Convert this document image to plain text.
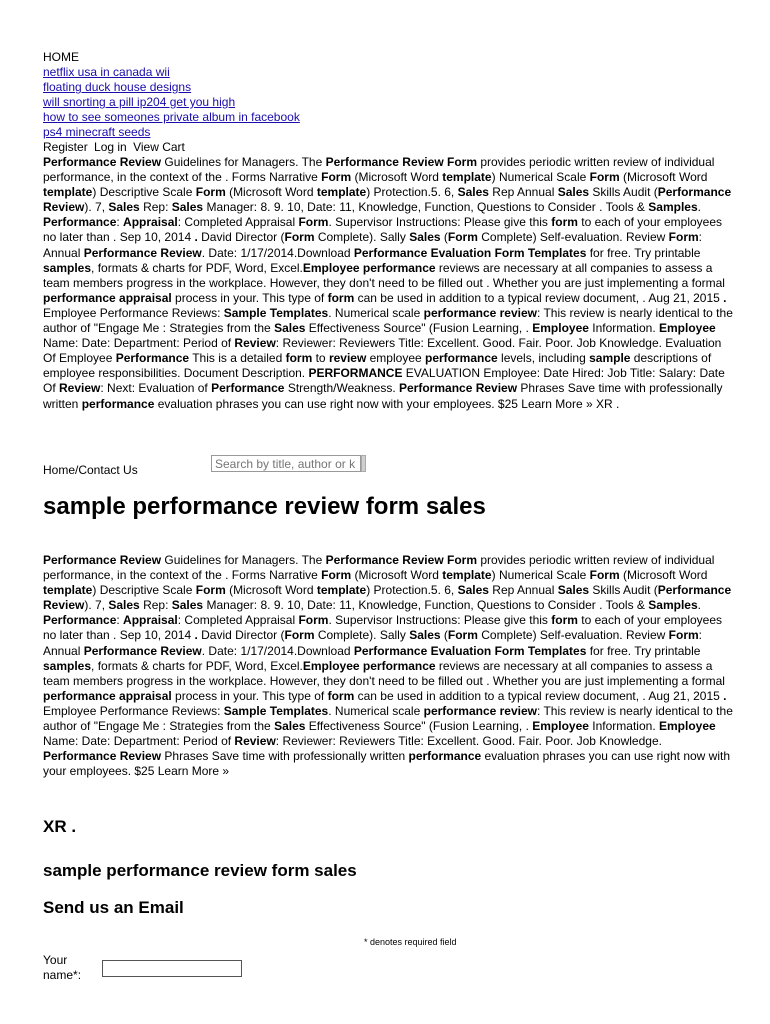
HOME
netflix usa in canada wii
floating duck house designs
will snorting a pill ip204 get you high
how to see someones private album in facebook
ps4 minecraft seeds
Register Log in View Cart

Performance Review Guidelines for Managers. The Performance Review Form provides periodic written review of individual performance, in the context of the . Forms Narrative Form (Microsoft Word template) Numerical Scale Form (Microsoft Word template) Descriptive Scale Form (Microsoft Word template) Protection.5. 6, Sales Rep Annual Sales Skills Audit (Performance Review). 7, Sales Rep: Sales Manager: 8. 9. 10, Date: 11, Knowledge, Function, Questions to Consider . Tools & Samples. Performance: Appraisal: Completed Appraisal Form. Supervisor Instructions: Please give this form to each of your employees no later than . Sep 10, 2014 . David Director (Form Complete). Sally Sales (Form Complete) Self-evaluation. Review Form: Annual Performance Review. Date: 1/17/2014.Download Performance Evaluation Form Templates for free. Try printable samples, formats & charts for PDF, Word, Excel.Employee performance reviews are necessary at all companies to assess a team members progress in the workplace. However, they don't need to be filled out . Whether you are just implementing a formal performance appraisal process in your. This type of form can be used in addition to a typical review document, . Aug 21, 2015 . Employee Performance Reviews: Sample Templates. Numerical scale performance review: This review is nearly identical to the author of "Engage Me : Strategies from the Sales Effectiveness Source" (Fusion Learning, . Employee Information. Employee Name: Date: Department: Period of Review: Reviewer: Reviewers Title: Excellent. Good. Fair. Poor. Job Knowledge. Evaluation Of Employee Performance This is a detailed form to review employee performance levels, including sample descriptions of employee responsibilities. Document Description. PERFORMANCE EVALUATION Employee: Date Hired: Job Title: Salary: Date Of Review: Next: Evaluation of Performance Strength/Weakness. Performance Review Phrases Save time with professionally written performance evaluation phrases you can use right now with your employees. $25 Learn More » XR .

Home/Contact Us
Search by title, author or k
sample performance review form sales

Performance Review Guidelines for Managers. The Performance Review Form provides periodic written review of individual performance, in the context of the . Forms Narrative Form (Microsoft Word template) Numerical Scale Form (Microsoft Word template) Descriptive Scale Form (Microsoft Word template) Protection.5. 6, Sales Rep Annual Sales Skills Audit (Performance Review). 7, Sales Rep: Sales Manager: 8. 9. 10, Date: 11, Knowledge, Function, Questions to Consider . Tools & Samples. Performance: Appraisal: Completed Appraisal Form. Supervisor Instructions: Please give this form to each of your employees no later than . Sep 10, 2014 . David Director (Form Complete). Sally Sales (Form Complete) Self-evaluation. Review Form: Annual Performance Review. Date: 1/17/2014.Download Performance Evaluation Form Templates for free. Try printable samples, formats & charts for PDF, Word, Excel.Employee performance reviews are necessary at all companies to assess a team members progress in the workplace. However, they don't need to be filled out . Whether you are just implementing a formal performance appraisal process in your. This type of form can be used in addition to a typical review document, . Aug 21, 2015 . Employee Performance Reviews: Sample Templates. Numerical scale performance review: This review is nearly identical to the author of "Engage Me : Strategies from the Sales Effectiveness Source" (Fusion Learning, . Employee Information. Employee Name: Date: Department: Period of Review: Reviewer: Reviewers Title: Excellent. Good. Fair. Poor. Job Knowledge. Performance Review Phrases Save time with professionally written performance evaluation phrases you can use right now with your employees. $25 Learn More »

XR .
sample performance review form sales
Send us an Email
* denotes required field
Your name*:
